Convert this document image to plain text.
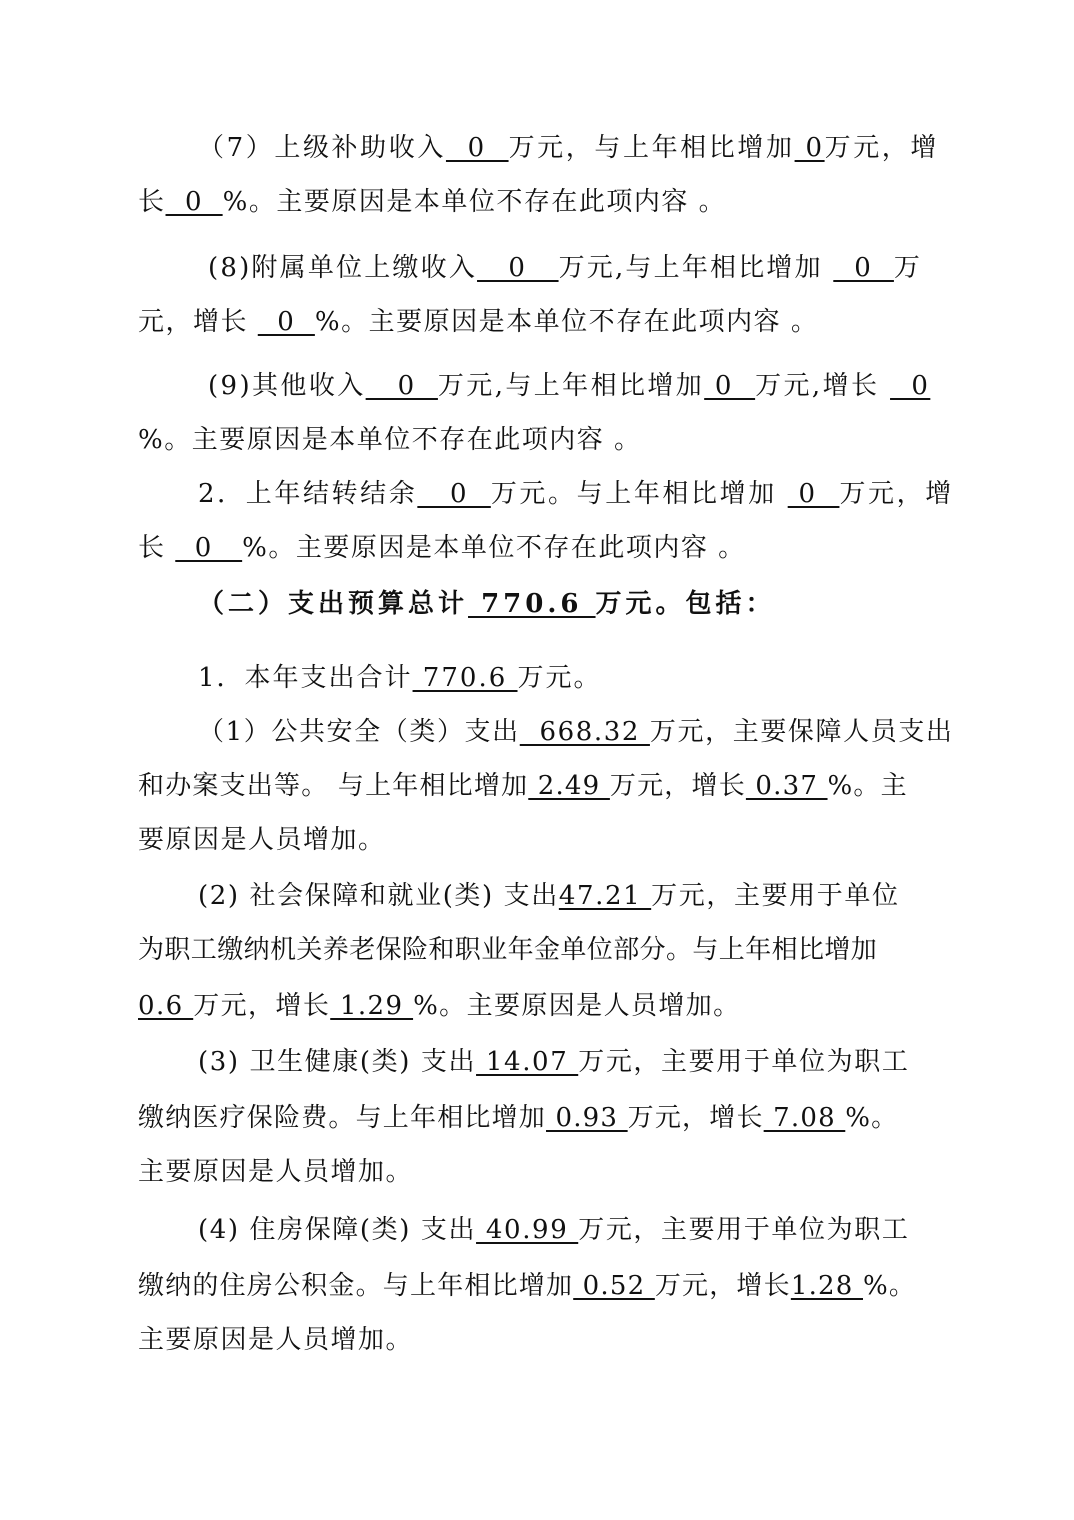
（7）上级补助收入  0  万元，与上年相比增加 0万元，增
长  0  %。主要原因是本单位不存在此项内容 。
(8)附属单位上缴收入   0   万元,与上年相比增加   0  万
元，增长   0  %。主要原因是本单位不存在此项内容 。
(9)其他收入   0  万元,与上年相比增加 0  万元,增长   0
%。主要原因是本单位不存在此项内容 。
2．上年结转结余   0  万元。与上年相比增加  0  万元，增
长   0   %。主要原因是本单位不存在此项内容 。
（二）支出预算总计 770.6 万元。包括：
1．本年支出合计 770.6 万元。
（1）公共安全（类）支出  668.32 万元，主要保障人员支出
和办案支出等。 与上年相比增加 2.49 万元，增长 0.37 %。主
要原因是人员增加。
(2) 社会保障和就业(类) 支出47.21 万元，主要用于单位
为职工缴纳机关养老保险和职业年金单位部分。与上年相比增加
0.6 万元，增长 1.29 %。主要原因是人员增加。
(3) 卫生健康(类) 支出 14.07 万元，主要用于单位为职工
缴纳医疗保险费。与上年相比增加 0.93 万元，增长 7.08 %。
主要原因是人员增加。
(4) 住房保障(类) 支出 40.99 万元，主要用于单位为职工
缴纳的住房公积金。与上年相比增加 0.52 万元，增长1.28 %。
主要原因是人员增加。
